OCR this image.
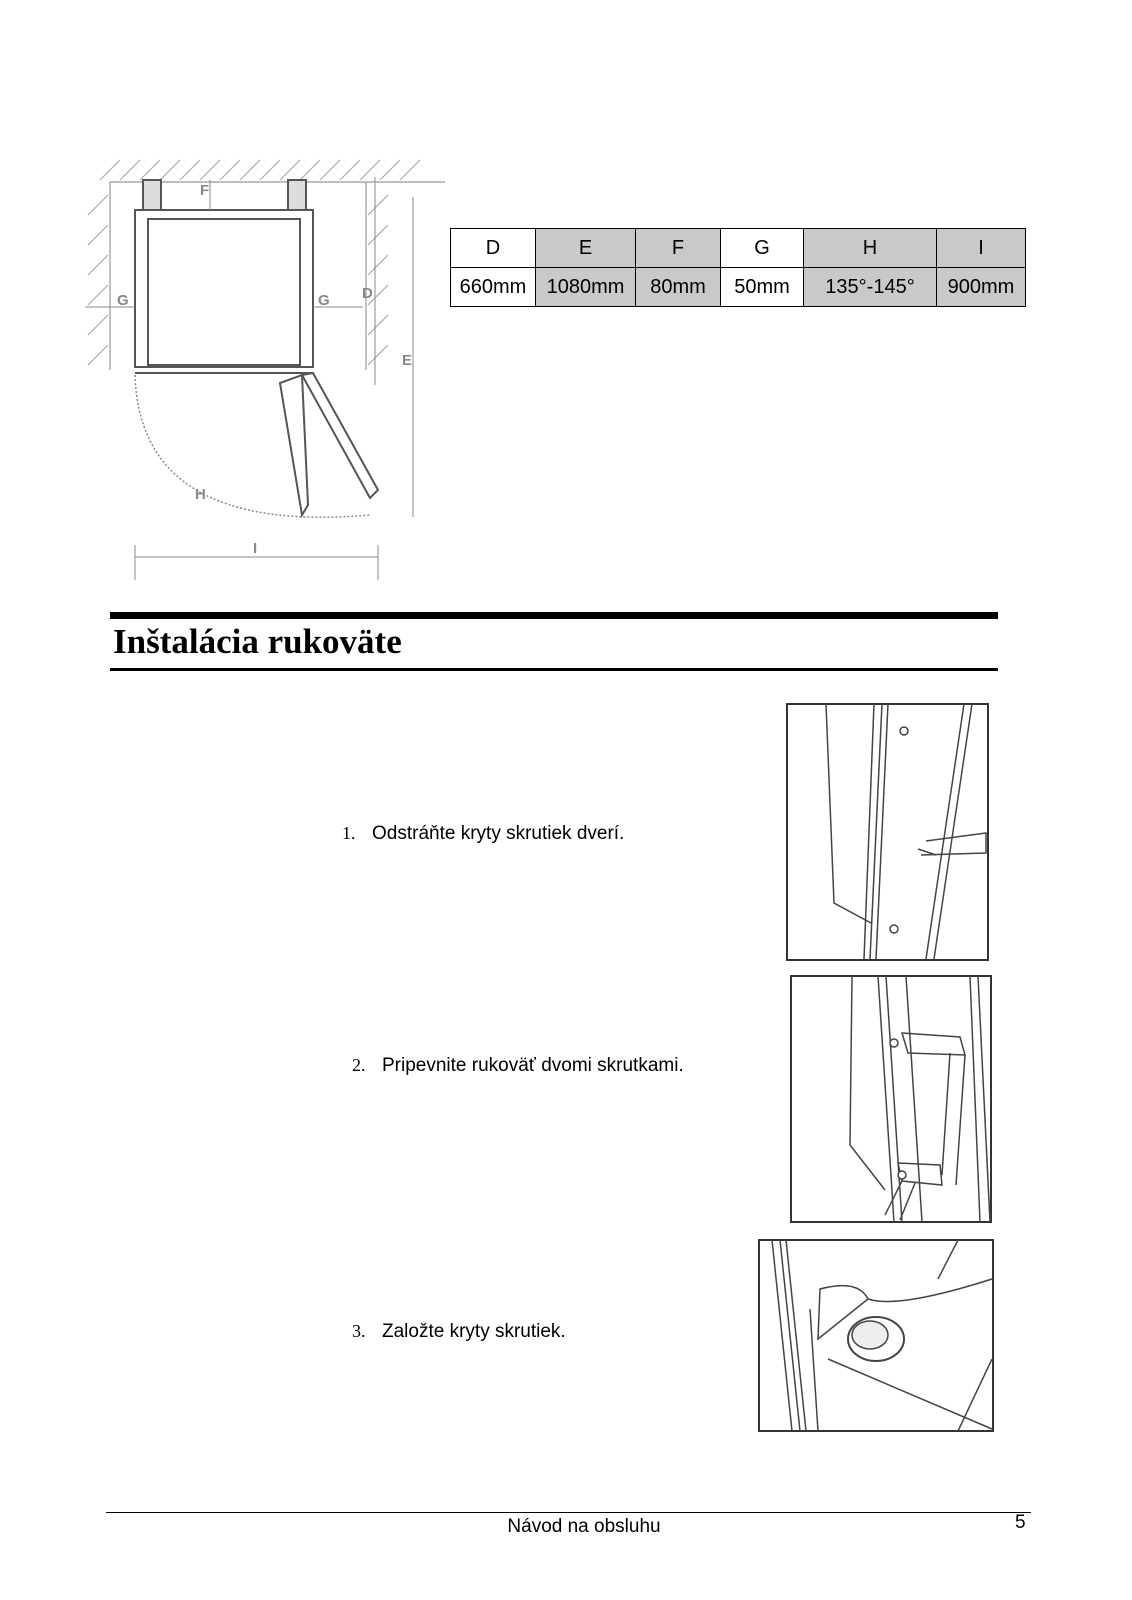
F
G	G D
E
H
I
D	E	F	G	H	I
660mm	1080mm	80mm	50mm	135°-145°	900mm
Inštalácia rukoväte
1. Odstráňte kryty skrutiek dverí.
2. Pripevnite rukoväť dvomi skrutkami.
3. Založte kryty skrutiek.
Návod na obsluhu	5
